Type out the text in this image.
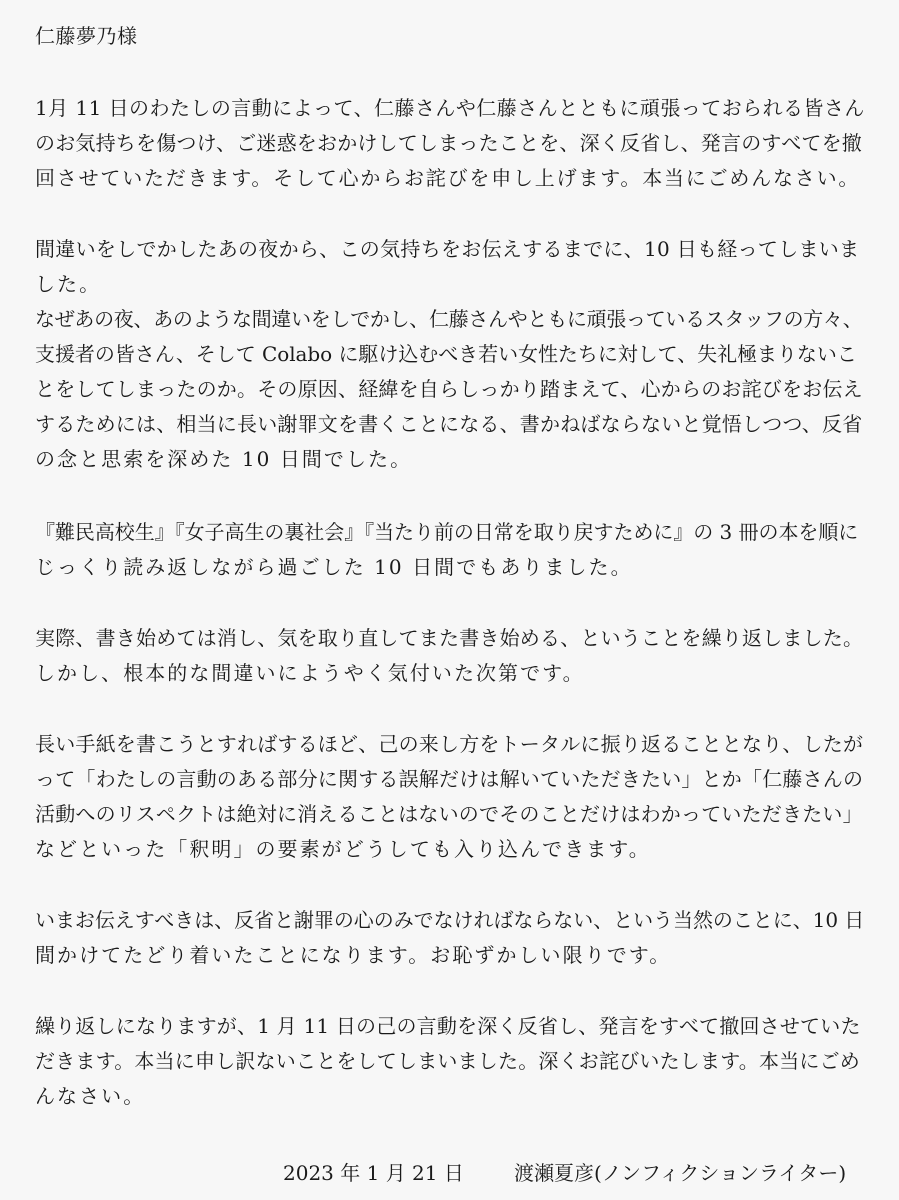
仁藤夢乃様
1月 11 日のわたしの言動によって、仁藤さんや仁藤さんとともに頑張っておられる皆さん
のお気持ちを傷つけ、ご迷惑をおかけしてしまったことを、深く反省し、発言のすべてを撤
回させていただきます。そして心からお詫びを申し上げます。本当にごめんなさい。
間違いをしでかしたあの夜から、この気持ちをお伝えするまでに、10 日も経ってしまいま
した。
なぜあの夜、あのような間違いをしでかし、仁藤さんやともに頑張っているスタッフの方々、
支援者の皆さん、そして Colabo に駆け込むべき若い女性たちに対して、失礼極まりないこ
とをしてしまったのか。その原因、経緯を自らしっかり踏まえて、心からのお詫びをお伝え
するためには、相当に長い謝罪文を書くことになる、書かねばならないと覚悟しつつ、反省
の念と思索を深めた 10 日間でした。
『難民高校生』『女子高生の裏社会』『当たり前の日常を取り戻すために』の 3 冊の本を順に
じっくり読み返しながら過ごした 10 日間でもありました。
実際、書き始めては消し、気を取り直してまた書き始める、ということを繰り返しました。
しかし、根本的な間違いにようやく気付いた次第です。
長い手紙を書こうとすればするほど、己の来し方をトータルに振り返ることとなり、したが
って「わたしの言動のある部分に関する誤解だけは解いていただきたい」とか「仁藤さんの
活動へのリスペクトは絶対に消えることはないのでそのことだけはわかっていただきたい」
などといった「釈明」の要素がどうしても入り込んできます。
いまお伝えすべきは、反省と謝罪の心のみでなければならない、という当然のことに、10 日
間かけてたどり着いたことになります。お恥ずかしい限りです。
繰り返しになりますが、1 月 11 日の己の言動を深く反省し、発言をすべて撤回させていた
だきます。本当に申し訳ないことをしてしまいました。深くお詫びいたします。本当にごめ
んなさい。
2023 年 1 月 21 日	渡瀬夏彦(ノンフィクションライター)
